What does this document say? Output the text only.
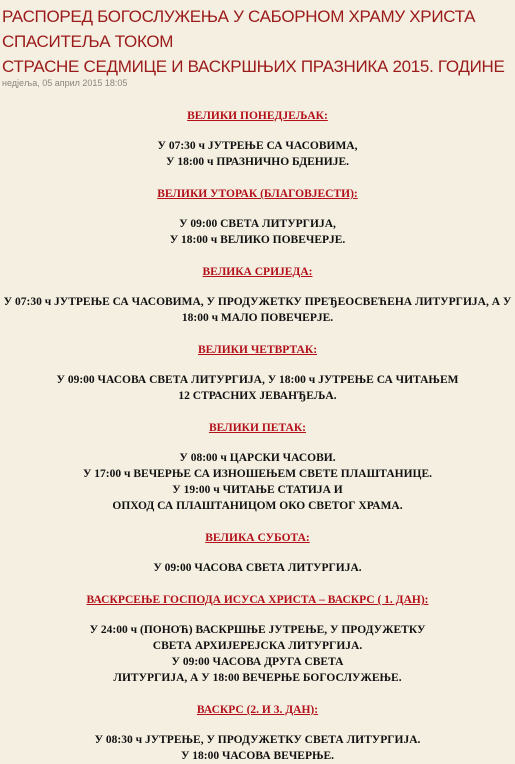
РАСПОРЕД БОГОСЛУЖЕЊА У САБОРНОМ ХРАМУ ХРИСТА СПАСИТЕЉА ТОКОМ
СТРАСНЕ СЕДМИЦЕ И ВАСКРШЊИХ ПРАЗНИКА 2015. ГОДИНЕ
недјеља, 05 април 2015 18:05
ВЕЛИКИ ПОНЕДЈЕЉАК:
У 07:30 ч ЈУТРЕЊЕ СА ЧАСОВИМА,
У 18:00 ч ПРАЗНИЧНО БДЕНИЈЕ.
ВЕЛИКИ УТОРАК (БЛАГОВЈЕСТИ):
У 09:00 СВЕТА ЛИТУРГИЈА,
У 18:00 ч ВЕЛИКО ПОВЕЧЕРЈЕ.
ВЕЛИКА СРИЈЕДА:
У 07:30 ч ЈУТРЕЊЕ СА ЧАСОВИМА, У ПРОДУЖЕТКУ ПРЕЂЕОСВЕЋЕНА ЛИТУРГИЈА, А У
18:00 ч МАЛО ПОВЕЧЕРЈЕ.
ВЕЛИКИ ЧЕТВРТАК:
У 09:00 ЧАСОВА СВЕТА ЛИТУРГИЈА, У 18:00 ч ЈУТРЕЊЕ СА ЧИТАЊЕМ
12 СТРАСНИХ ЈЕВАНЂЕЉА.
ВЕЛИКИ ПЕТАК:
У 08:00 ч ЦАРСКИ ЧАСОВИ.
У 17:00 ч ВЕЧЕРЊЕ СА ИЗНОШЕЊЕМ СВЕТЕ ПЛАШТАНИЦЕ.
У 19:00 ч ЧИТАЊЕ СТАТИЈА И
ОПХОД СА ПЛАШТАНИЦОМ ОКО СВЕТОГ ХРАМА.
ВЕЛИКА СУБОТА:
У 09:00 ЧАСОВА СВЕТА ЛИТУРГИЈА.
ВАСКРСЕЊЕ ГОСПОДА ИСУСА ХРИСТА – ВАСКРС ( 1. ДАН):
У 24:00 ч (ПОНОЋ) ВАСКРШЊЕ ЈУТРЕЊЕ, У ПРОДУЖЕТКУ
СВЕТА АРХИЈЕРЕЈСКА ЛИТУРГИЈА.
У 09:00 ЧАСОВА ДРУГА СВЕТА
ЛИТУРГИЈА, А У 18:00 ВЕЧЕРЊЕ БОГОСЛУЖЕЊЕ.
ВАСКРС (2. И 3. ДАН):
У 08:30 ч ЈУТРЕЊЕ, У ПРОДУЖЕТКУ СВЕТА ЛИТУРГИЈА.
У 18:00 ЧАСОВА ВЕЧЕРЊЕ.
